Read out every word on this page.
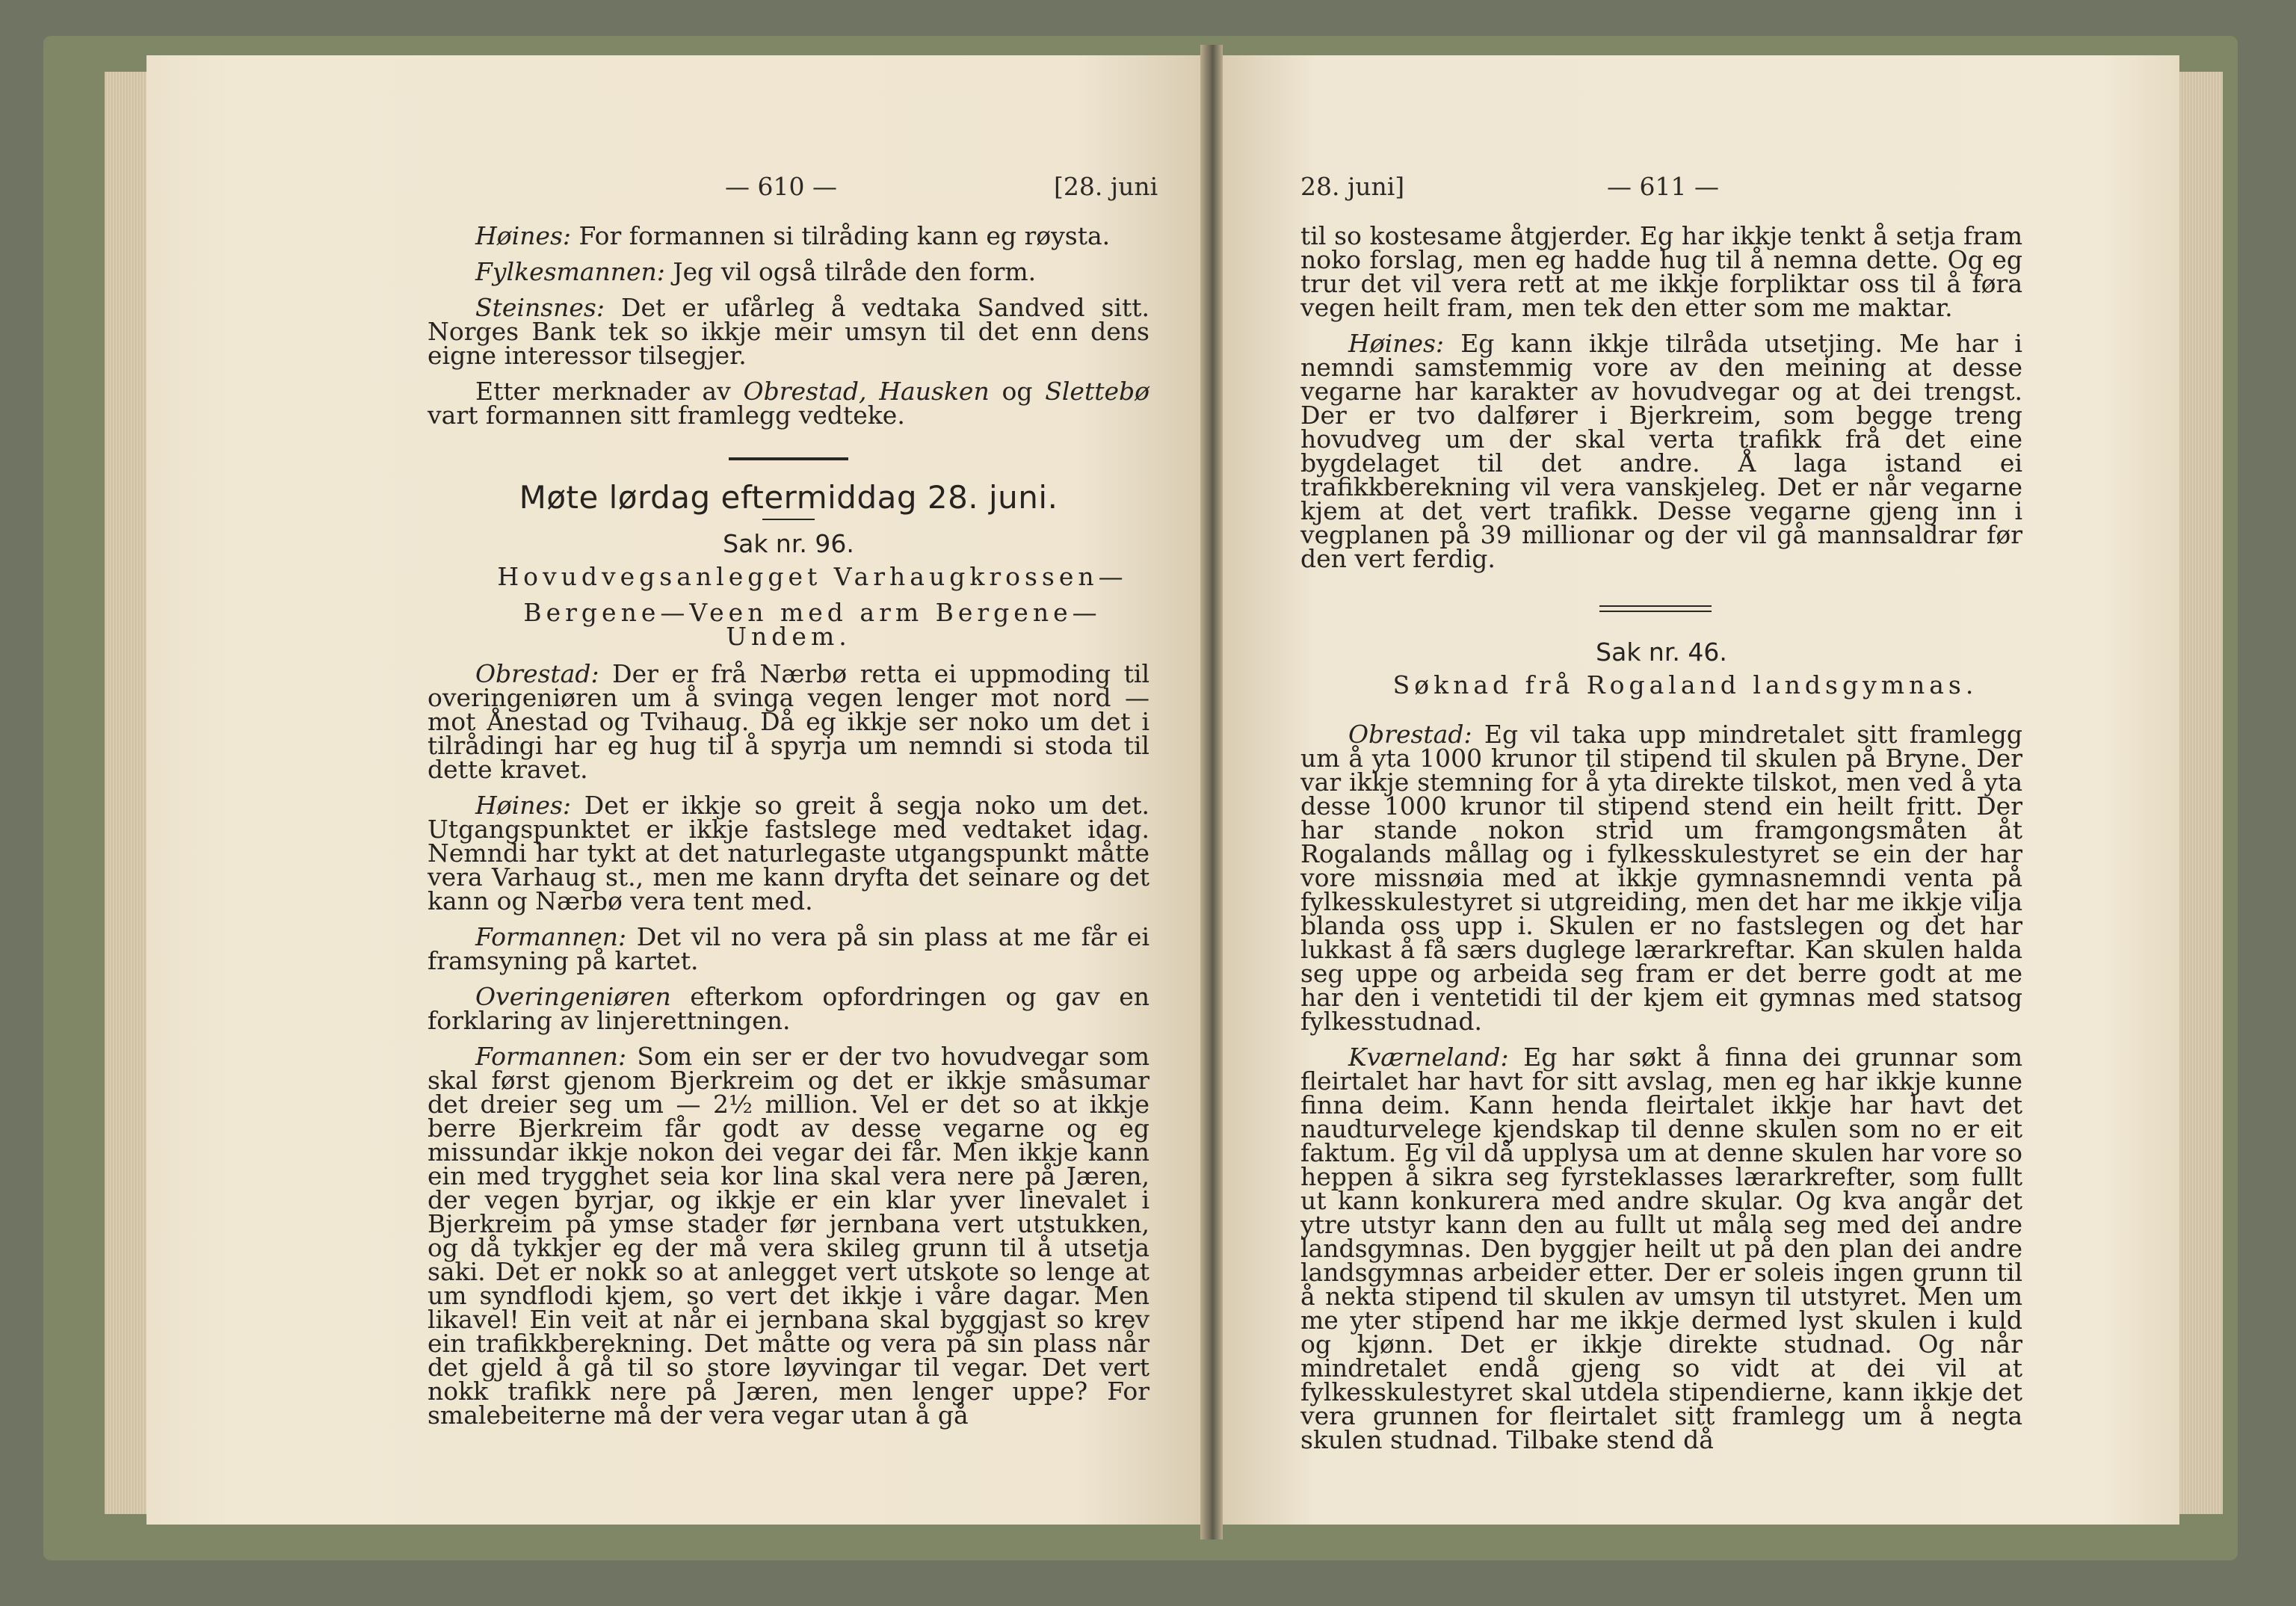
— 610 —	[28. juni

Høines: For formannen si tilråding kann eg røysta.

Fylkesmannen: Jeg vil også tilråde den form.

Steinsnes: Det er ufårleg å vedtaka Sandved sitt. Norges Bank tek so ikkje meir umsyn til det enn dens eigne interessor tilsegjer.

Etter merknader av Obrestad, Hausken og Slettebø vart formannen sitt framlegg vedteke.

Møte lørdag eftermiddag 28. juni.
Sak nr. 96.

Hovudvegsanlegget Varhaugkrossen—

Bergene—Veen med arm Bergene—Undem.

Obrestad: Der er frå Nærbø retta ei uppmoding til overingeniøren um å svinga vegen lenger mot nord — mot Ånestad og Tvihaug. Då eg ikkje ser noko um det i tilrådingi har eg hug til å spyrja um nemndi si stoda til dette kravet.

Høines: Det er ikkje so greit å segja noko um det. Utgangspunktet er ikkje fastslege med vedtaket idag. Nemndi har tykt at det naturlegaste utgangspunkt måtte vera Varhaug st., men me kann dryfta det seinare og det kann og Nærbø vera tent med.

Formannen: Det vil no vera på sin plass at me får ei framsyning på kartet.

Overingeniøren efterkom opfordringen og gav en forklaring av linjerettningen.

Formannen: Som ein ser er der tvo hovudvegar som skal først gjenom Bjerkreim og det er ikkje småsumar det dreier seg um — 2½ million. Vel er det so at ikkje berre Bjerkreim får godt av desse vegarne og eg missundar ikkje nokon dei vegar dei får. Men ikkje kann ein med trygghet seia kor lina skal vera nere på Jæren, der vegen byrjar, og ikkje er ein klar yver linevalet i Bjerkreim på ymse stader før jernbana vert utstukken, og då tykkjer eg der må vera skileg grunn til å utsetja saki. Det er nokk so at anlegget vert utskote so lenge at um syndflodi kjem, so vert det ikkje i våre dagar. Men likavel! Ein veit at når ei jernbana skal byggjast so krev ein trafikkberekning. Det måtte og vera på sin plass når det gjeld å gå til so store løyvingar til vegar. Det vert nokk trafikk nere på Jæren, men lenger uppe? For smalebeiterne må der vera vegar utan å gå

28. juni]	— 611 —

til so kostesame åtgjerder. Eg har ikkje tenkt å setja fram noko forslag, men eg hadde hug til å nemna dette. Og eg trur det vil vera rett at me ikkje forpliktar oss til å føra vegen heilt fram, men tek den etter som me maktar.

Høines: Eg kann ikkje tilråda utsetjing. Me har i nemndi samstemmig vore av den meining at desse vegarne har karakter av hovudvegar og at dei trengst. Der er tvo dalfører i Bjerkreim, som begge treng hovudveg um der skal verta trafikk frå det eine bygdelaget til det andre. Å laga istand ei trafikkberekning vil vera vanskjeleg. Det er når vegarne kjem at det vert trafikk. Desse vegarne gjeng inn i vegplanen på 39 millionar og der vil gå mannsaldrar før den vert ferdig.

Sak nr. 46.

Søknad frå Rogaland landsgymnas.

Obrestad: Eg vil taka upp mindretalet sitt framlegg um å yta 1000 krunor til stipend til skulen på Bryne. Der var ikkje stemning for å yta direkte tilskot, men ved å yta desse 1000 krunor til stipend stend ein heilt fritt. Der har stande nokon strid um framgongsmåten åt Rogalands mållag og i fylkesskulestyret se ein der har vore missnøia med at ikkje gymnasnemndi venta på fylkesskulestyret si utgreiding, men det har me ikkje vilja blanda oss upp i. Skulen er no fastslegen og det har lukkast å få særs duglege lærarkreftar. Kan skulen halda seg uppe og arbeida seg fram er det berre godt at me har den i ventetidi til der kjem eit gymnas med statsog fylkesstudnad.

Kværneland: Eg har søkt å finna dei grunnar som fleirtalet har havt for sitt avslag, men eg har ikkje kunne finna deim. Kann henda fleirtalet ikkje har havt det naudturvelege kjendskap til denne skulen som no er eit faktum. Eg vil då upplysa um at denne skulen har vore so heppen å sikra seg fyrsteklasses lærarkrefter, som fullt ut kann konkurera med andre skular. Og kva angår det ytre utstyr kann den au fullt ut måla seg med dei andre landsgymnas. Den byggjer heilt ut på den plan dei andre landsgymnas arbeider etter. Der er soleis ingen grunn til å nekta stipend til skulen av umsyn til utstyret. Men um me yter stipend har me ikkje dermed lyst skulen i kuld og kjønn. Det er ikkje direkte studnad. Og når mindretalet endå gjeng so vidt at dei vil at fylkesskulestyret skal utdela stipendierne, kann ikkje det vera grunnen for fleirtalet sitt framlegg um å negta skulen studnad. Tilbake stend då
